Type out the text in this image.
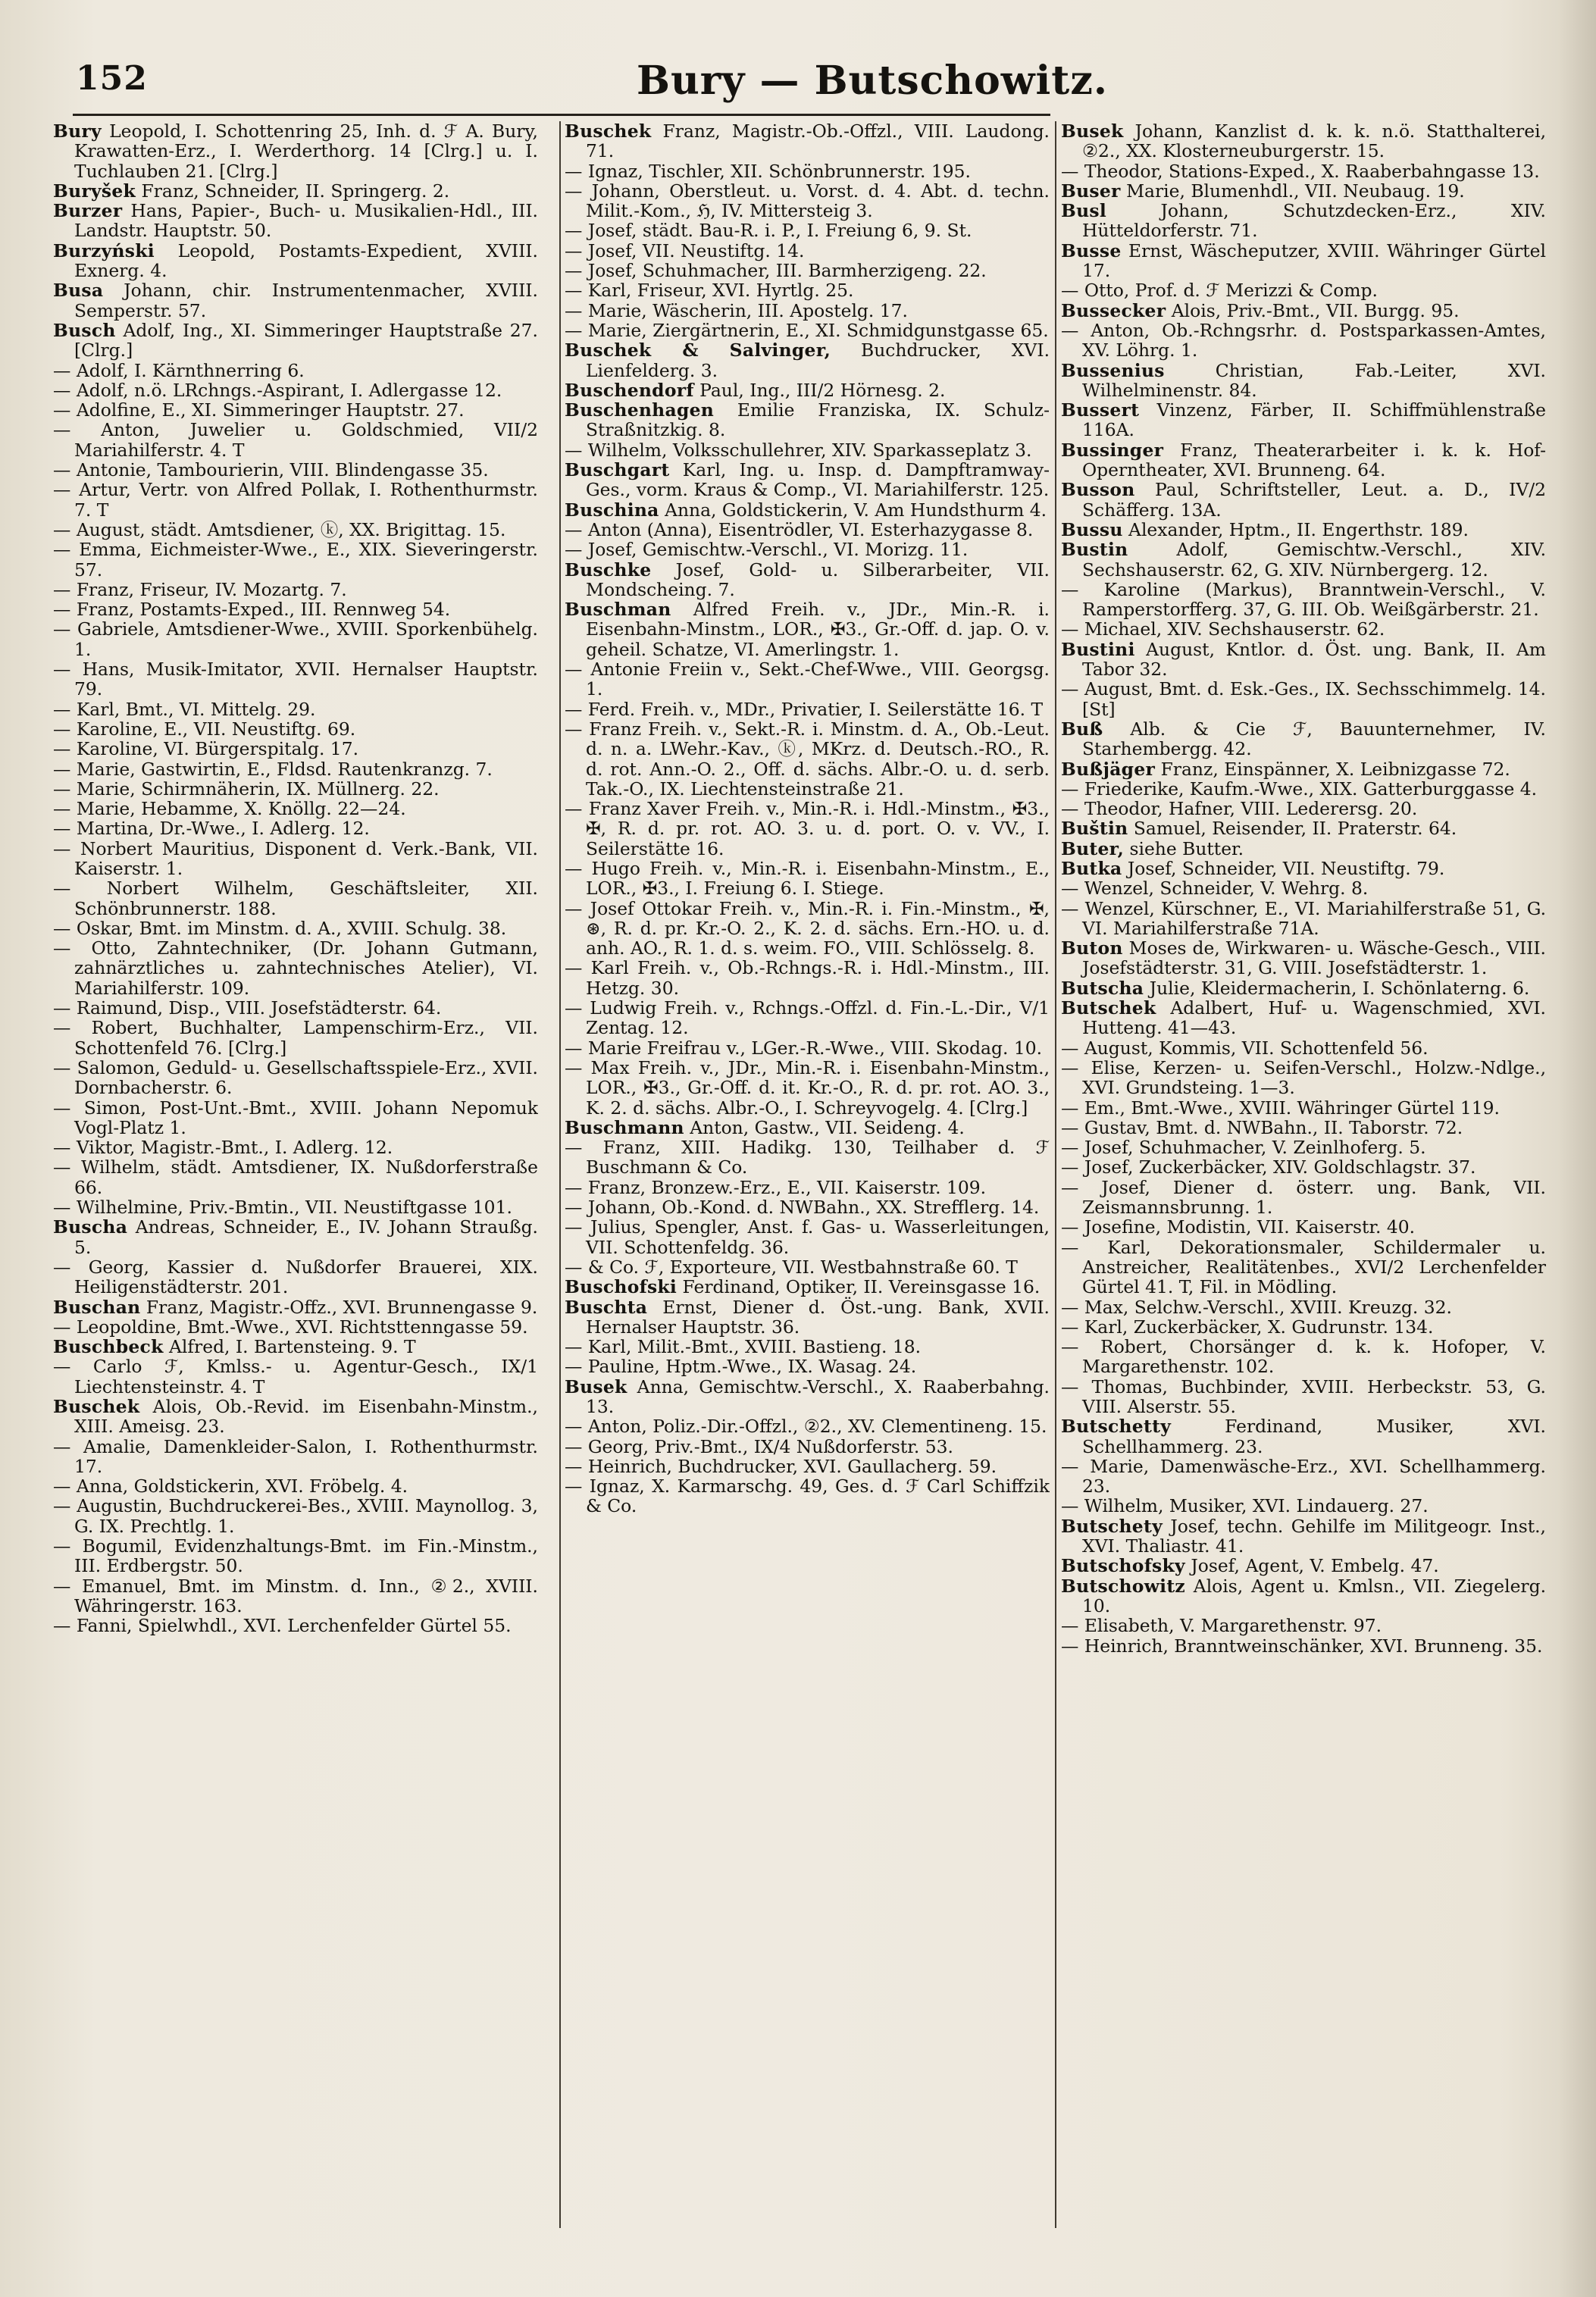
152	Bury — Butschowitz.

Bury Leopold, I. Schottenring 25, Inh. d. ℱ A. Bury, Krawatten-Erz., I. Werderthorg. 14 [Clrg.] u. I. Tuchlauben 21. [Clrg.]

Buryšek Franz, Schneider, II. Springerg. 2.

Burzer Hans, Papier-, Buch- u. Musikalien-Hdl., III. Landstr. Hauptstr. 50.

Burzyński Leopold, Postamts-Expedient, XVIII. Exnerg. 4.

Busa Johann, chir. Instrumentenmacher, XVIII. Semperstr. 57.

Busch Adolf, Ing., XI. Simmeringer Hauptstraße 27. [Clrg.]

— Adolf, I. Kärnthnerring 6.

— Adolf, n.ö. LRchngs.-Aspirant, I. Adlergasse 12.

— Adolfine, E., XI. Simmeringer Hauptstr. 27.

— Anton, Juwelier u. Goldschmied, VII/2 Mariahilferstr. 4. T

— Antonie, Tambourierin, VIII. Blindengasse 35.

— Artur, Vertr. von Alfred Pollak, I. Rothenthurmstr. 7. T

— August, städt. Amtsdiener, ⓚ, XX. Brigittag. 15.

— Emma, Eichmeister-Wwe., E., XIX. Sieveringerstr. 57.

— Franz, Friseur, IV. Mozartg. 7.

— Franz, Postamts-Exped., III. Rennweg 54.

— Gabriele, Amtsdiener-Wwe., XVIII. Sporkenbühelg. 1.

— Hans, Musik-Imitator, XVII. Hernalser Hauptstr. 79.

— Karl, Bmt., VI. Mittelg. 29.

— Karoline, E., VII. Neustiftg. 69.

— Karoline, VI. Bürgerspitalg. 17.

— Marie, Gastwirtin, E., Fldsd. Rautenkranzg. 7.

— Marie, Schirmnäherin, IX. Müllnerg. 22.

— Marie, Hebamme, X. Knöllg. 22—24.

— Martina, Dr.-Wwe., I. Adlerg. 12.

— Norbert Mauritius, Disponent d. Verk.-Bank, VII. Kaiserstr. 1.

— Norbert Wilhelm, Geschäftsleiter, XII. Schönbrunnerstr. 188.

— Oskar, Bmt. im Minstm. d. A., XVIII. Schulg. 38.

— Otto, Zahntechniker, (Dr. Johann Gutmann, zahnärztliches u. zahntechnisches Atelier), VI. Mariahilferstr. 109.

— Raimund, Disp., VIII. Josefstädterstr. 64.

— Robert, Buchhalter, Lampenschirm-Erz., VII. Schottenfeld 76. [Clrg.]

— Salomon, Geduld- u. Gesellschaftsspiele-Erz., XVII. Dornbacherstr. 6.

— Simon, Post-Unt.-Bmt., XVIII. Johann Nepomuk Vogl-Platz 1.

— Viktor, Magistr.-Bmt., I. Adlerg. 12.

— Wilhelm, städt. Amtsdiener, IX. Nußdorferstraße 66.

— Wilhelmine, Priv.-Bmtin., VII. Neustiftgasse 101.

Buscha Andreas, Schneider, E., IV. Johann Straußg. 5.

— Georg, Kassier d. Nußdorfer Brauerei, XIX. Heiligenstädterstr. 201.

Buschan Franz, Magistr.-Offz., XVI. Brunnengasse 9.

— Leopoldine, Bmt.-Wwe., XVI. Richtsttenngasse 59.

Buschbeck Alfred, I. Bartensteing. 9. T

— Carlo ℱ, Kmlss.- u. Agentur-Gesch., IX/1 Liechtensteinstr. 4. T

Buschek Alois, Ob.-Revid. im Eisenbahn-Minstm., XIII. Ameisg. 23.

— Amalie, Damenkleider-Salon, I. Rothenthurmstr. 17.

— Anna, Goldstickerin, XVI. Fröbelg. 4.

— Augustin, Buchdruckerei-Bes., XVIII. Maynollog. 3, G. IX. Prechtlg. 1.

— Bogumil, Evidenzhaltungs-Bmt. im Fin.-Minstm., III. Erdbergstr. 50.

— Emanuel, Bmt. im Minstm. d. Inn., ②2., XVIII. Währingerstr. 163.

— Fanni, Spielwhdl., XVI. Lerchenfelder Gürtel 55.

Buschek Franz, Magistr.-Ob.-Offzl., VIII. Laudong. 71.

— Ignaz, Tischler, XII. Schönbrunnerstr. 195.

— Johann, Oberstleut. u. Vorst. d. 4. Abt. d. techn. Milit.-Kom., ℌ, IV. Mittersteig 3.

— Josef, städt. Bau-R. i. P., I. Freiung 6, 9. St.

— Josef, VII. Neustiftg. 14.

— Josef, Schuhmacher, III. Barmherzigeng. 22.

— Karl, Friseur, XVI. Hyrtlg. 25.

— Marie, Wäscherin, III. Apostelg. 17.

— Marie, Ziergärtnerin, E., XI. Schmidgunstgasse 65.

Buschek & Salvinger, Buchdrucker, XVI. Lienfelderg. 3.

Buschendorf Paul, Ing., III/2 Hörnesg. 2.

Buschenhagen Emilie Franziska, IX. Schulz-Straßnitzkig. 8.

— Wilhelm, Volksschullehrer, XIV. Sparkasseplatz 3.

Buschgart Karl, Ing. u. Insp. d. Dampftramway-Ges., vorm. Kraus & Comp., VI. Mariahilferstr. 125.

Buschina Anna, Goldstickerin, V. Am Hundsthurm 4.

— Anton (Anna), Eisentrödler, VI. Esterhazygasse 8.

— Josef, Gemischtw.-Verschl., VI. Morizg. 11.

Buschke Josef, Gold- u. Silberarbeiter, VII. Mondscheing. 7.

Buschman Alfred Freih. v., JDr., Min.-R. i. Eisenbahn-Minstm., LOR., ✠3., Gr.-Off. d. jap. O. v. geheil. Schatze, VI. Amerlingstr. 1.

— Antonie Freiin v., Sekt.-Chef-Wwe., VIII. Georgsg. 1.

— Ferd. Freih. v., MDr., Privatier, I. Seilerstätte 16. T

— Franz Freih. v., Sekt.-R. i. Minstm. d. A., Ob.-Leut. d. n. a. LWehr.-Kav., ⓚ, MKrz. d. Deutsch.-RO., R. d. rot. Ann.-O. 2., Off. d. sächs. Albr.-O. u. d. serb. Tak.-O., IX. Liechtensteinstraße 21.

— Franz Xaver Freih. v., Min.-R. i. Hdl.-Minstm., ✠3., ✠, R. d. pr. rot. AO. 3. u. d. port. O. v. VV., I. Seilerstätte 16.

— Hugo Freih. v., Min.-R. i. Eisenbahn-Minstm., E., LOR., ✠3., I. Freiung 6. I. Stiege.

— Josef Ottokar Freih. v., Min.-R. i. Fin.-Minstm., ✠, ⊛, R. d. pr. Kr.-O. 2., K. 2. d. sächs. Ern.-HO. u. d. anh. AO., R. 1. d. s. weim. FO., VIII. Schlösselg. 8.

— Karl Freih. v., Ob.-Rchngs.-R. i. Hdl.-Minstm., III. Hetzg. 30.

— Ludwig Freih. v., Rchngs.-Offzl. d. Fin.-L.-Dir., V/1 Zentag. 12.

— Marie Freifrau v., LGer.-R.-Wwe., VIII. Skodag. 10.

— Max Freih. v., JDr., Min.-R. i. Eisenbahn-Minstm., LOR., ✠3., Gr.-Off. d. it. Kr.-O., R. d. pr. rot. AO. 3., K. 2. d. sächs. Albr.-O., I. Schreyvogelg. 4. [Clrg.]

Buschmann Anton, Gastw., VII. Seideng. 4.

— Franz, XIII. Hadikg. 130, Teilhaber d. ℱ Buschmann & Co.

— Franz, Bronzew.-Erz., E., VII. Kaiserstr. 109.

— Johann, Ob.-Kond. d. NWBahn., XX. Strefflerg. 14.

— Julius, Spengler, Anst. f. Gas- u. Wasserleitungen, VII. Schottenfeldg. 36.

— & Co. ℱ, Exporteure, VII. Westbahnstraße 60. T

Buschofski Ferdinand, Optiker, II. Vereinsgasse 16.

Buschta Ernst, Diener d. Öst.-ung. Bank, XVII. Hernalser Hauptstr. 36.

— Karl, Milit.-Bmt., XVIII. Bastieng. 18.

— Pauline, Hptm.-Wwe., IX. Wasag. 24.

Busek Anna, Gemischtw.-Verschl., X. Raaberbahng. 13.

— Anton, Poliz.-Dir.-Offzl., ②2., XV. Clementineng. 15.

— Georg, Priv.-Bmt., IX/4 Nußdorferstr. 53.

— Heinrich, Buchdrucker, XVI. Gaullacherg. 59.

— Ignaz, X. Karmarschg. 49, Ges. d. ℱ Carl Schiffzik & Co.

Busek Johann, Kanzlist d. k. k. n.ö. Statthalterei, ②2., XX. Klosterneuburgerstr. 15.

— Theodor, Stations-Exped., X. Raaberbahngasse 13.

Buser Marie, Blumenhdl., VII. Neubaug. 19.

Busl Johann, Schutzdecken-Erz., XIV. Hütteldorferstr. 71.

Busse Ernst, Wäscheputzer, XVIII. Währinger Gürtel 17.

— Otto, Prof. d. ℱ Merizzi & Comp.

Bussecker Alois, Priv.-Bmt., VII. Burgg. 95.

— Anton, Ob.-Rchngsrhr. d. Postsparkassen-Amtes, XV. Löhrg. 1.

Bussenius Christian, Fab.-Leiter, XVI. Wilhelminenstr. 84.

Bussert Vinzenz, Färber, II. Schiffmühlenstraße 116A.

Bussinger Franz, Theaterarbeiter i. k. k. Hof-Operntheater, XVI. Brunneng. 64.

Busson Paul, Schriftsteller, Leut. a. D., IV/2 Schäfferg. 13A.

Bussu Alexander, Hptm., II. Engerthstr. 189.

Bustin Adolf, Gemischtw.-Verschl., XIV. Sechshauserstr. 62, G. XIV. Nürnbergerg. 12.

— Karoline (Markus), Branntwein-Verschl., V. Ramperstorfferg. 37, G. III. Ob. Weißgärberstr. 21.

— Michael, XIV. Sechshauserstr. 62.

Bustini August, Kntlor. d. Öst. ung. Bank, II. Am Tabor 32.

— August, Bmt. d. Esk.-Ges., IX. Sechsschimmelg. 14. [St]

Buß Alb. & Cie ℱ, Bauunternehmer, IV. Starhembergg. 42.

Bußjäger Franz, Einspänner, X. Leibnizgasse 72.

— Friederike, Kaufm.-Wwe., XIX. Gatterburggasse 4.

— Theodor, Hafner, VIII. Lederersg. 20.

Buštin Samuel, Reisender, II. Praterstr. 64.

Buter, siehe Butter.

Butka Josef, Schneider, VII. Neustiftg. 79.

— Wenzel, Schneider, V. Wehrg. 8.

— Wenzel, Kürschner, E., VI. Mariahilferstraße 51, G. VI. Mariahilferstraße 71A.

Buton Moses de, Wirkwaren- u. Wäsche-Gesch., VIII. Josefstädterstr. 31, G. VIII. Josefstädterstr. 1.

Butscha Julie, Kleidermacherin, I. Schönlaterng. 6.

Butschek Adalbert, Huf- u. Wagenschmied, XVI. Hutteng. 41—43.

— August, Kommis, VII. Schottenfeld 56.

— Elise, Kerzen- u. Seifen-Verschl., Holzw.-Ndlge., XVI. Grundsteing. 1—3.

— Em., Bmt.-Wwe., XVIII. Währinger Gürtel 119.

— Gustav, Bmt. d. NWBahn., II. Taborstr. 72.

— Josef, Schuhmacher, V. Zeinlhoferg. 5.

— Josef, Zuckerbäcker, XIV. Goldschlagstr. 37.

— Josef, Diener d. österr. ung. Bank, VII. Zeismannsbrunng. 1.

— Josefine, Modistin, VII. Kaiserstr. 40.

— Karl, Dekorationsmaler, Schildermaler u. Anstreicher, Realitätenbes., XVI/2 Lerchenfelder Gürtel 41. T, Fil. in Mödling.

— Max, Selchw.-Verschl., XVIII. Kreuzg. 32.

— Karl, Zuckerbäcker, X. Gudrunstr. 134.

— Robert, Chorsänger d. k. k. Hofoper, V. Margarethenstr. 102.

— Thomas, Buchbinder, XVIII. Herbeckstr. 53, G. VIII. Alserstr. 55.

Butschetty Ferdinand, Musiker, XVI. Schellhammerg. 23.

— Marie, Damenwäsche-Erz., XVI. Schellhammerg. 23.

— Wilhelm, Musiker, XVI. Lindauerg. 27.

Butschety Josef, techn. Gehilfe im Militgeogr. Inst., XVI. Thaliastr. 41.

Butschofsky Josef, Agent, V. Embelg. 47.

Butschowitz Alois, Agent u. Kmlsn., VII. Ziegelerg. 10.

— Elisabeth, V. Margarethenstr. 97.

— Heinrich, Branntweinschänker, XVI. Brunneng. 35.
